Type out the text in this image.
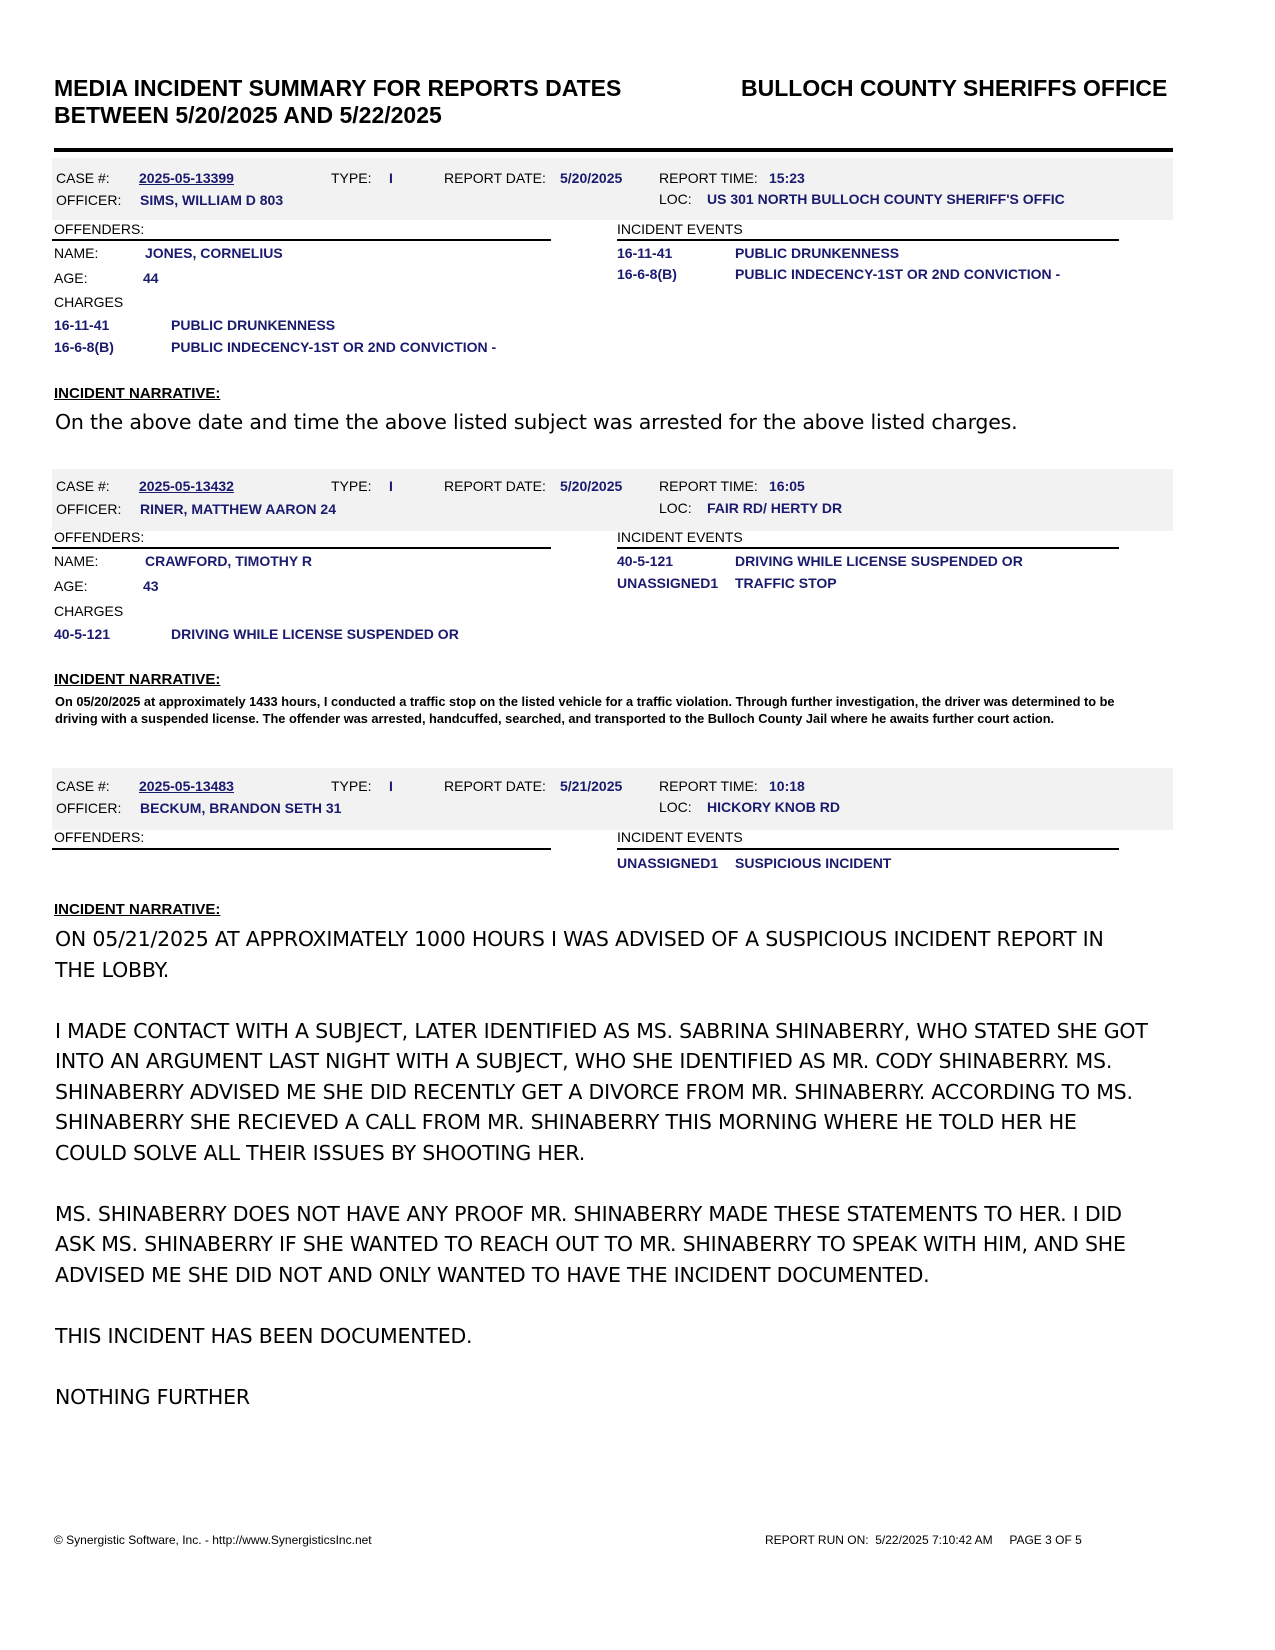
MEDIA INCIDENT SUMMARY FOR REPORTS DATES
BETWEEN 5/20/2025 AND 5/22/2025
BULLOCH COUNTY SHERIFFS OFFICE
CASE #: 2025-05-13399	TYPE: I	REPORT DATE: 5/20/2025	REPORT TIME: 15:23
OFFICER: SIMS, WILLIAM D 803	LOC: US 301 NORTH BULLOCH COUNTY SHERIFF'S OFFIC
OFFENDERS:	INCIDENT EVENTS
NAME:	JONES, CORNELIUS
AGE:	44
CHARGES
16-11-41	PUBLIC DRUNKENNESS
16-6-8(B)	PUBLIC INDECENCY-1ST OR 2ND CONVICTION -
16-11-41	PUBLIC DRUNKENNESS
16-6-8(B)	PUBLIC INDECENCY-1ST OR 2ND CONVICTION -
INCIDENT NARRATIVE:
On the above date and time the above listed subject was arrested for the above listed charges.
CASE #: 2025-05-13432	TYPE: I	REPORT DATE: 5/20/2025	REPORT TIME: 16:05
OFFICER: RINER, MATTHEW AARON 24	LOC: FAIR RD/ HERTY DR
OFFENDERS:	INCIDENT EVENTS
NAME:	CRAWFORD, TIMOTHY R
AGE:	43
CHARGES
40-5-121	DRIVING WHILE LICENSE SUSPENDED OR
40-5-121	DRIVING WHILE LICENSE SUSPENDED OR
UNASSIGNED1 TRAFFIC STOP
INCIDENT NARRATIVE:
On 05/20/2025 at approximately 1433 hours, I conducted a traffic stop on the listed vehicle for a traffic violation. Through further investigation, the driver was determined to be driving with a suspended license. The offender was arrested, handcuffed, searched, and transported to the Bulloch County Jail where he awaits further court action.
CASE #: 2025-05-13483	TYPE: I	REPORT DATE: 5/21/2025	REPORT TIME: 10:18
OFFICER: BECKUM, BRANDON SETH 31	LOC: HICKORY KNOB RD
OFFENDERS:	INCIDENT EVENTS
UNASSIGNED1 SUSPICIOUS INCIDENT
INCIDENT NARRATIVE:
ON 05/21/2025 AT APPROXIMATELY 1000 HOURS I WAS ADVISED OF A SUSPICIOUS INCIDENT REPORT IN
THE LOBBY.

I MADE CONTACT WITH A SUBJECT, LATER IDENTIFIED AS MS. SABRINA SHINABERRY, WHO STATED SHE GOT
INTO AN ARGUMENT LAST NIGHT WITH A SUBJECT, WHO SHE IDENTIFIED AS MR. CODY SHINABERRY. MS.
SHINABERRY ADVISED ME SHE DID RECENTLY GET A DIVORCE FROM MR. SHINABERRY. ACCORDING TO MS.
SHINABERRY SHE RECIEVED A CALL FROM MR. SHINABERRY THIS MORNING WHERE HE TOLD HER HE
COULD SOLVE ALL THEIR ISSUES BY SHOOTING HER.

MS. SHINABERRY DOES NOT HAVE ANY PROOF MR. SHINABERRY MADE THESE STATEMENTS TO HER. I DID
ASK MS. SHINABERRY IF SHE WANTED TO REACH OUT TO MR. SHINABERRY TO SPEAK WITH HIM, AND SHE
ADVISED ME SHE DID NOT AND ONLY WANTED TO HAVE THE INCIDENT DOCUMENTED.

THIS INCIDENT HAS BEEN DOCUMENTED.

NOTHING FURTHER
© Synergistic Software, Inc. - http://www.SynergisticsInc.net	REPORT RUN ON: 5/22/2025 7:10:42 AM PAGE 3 OF 5
